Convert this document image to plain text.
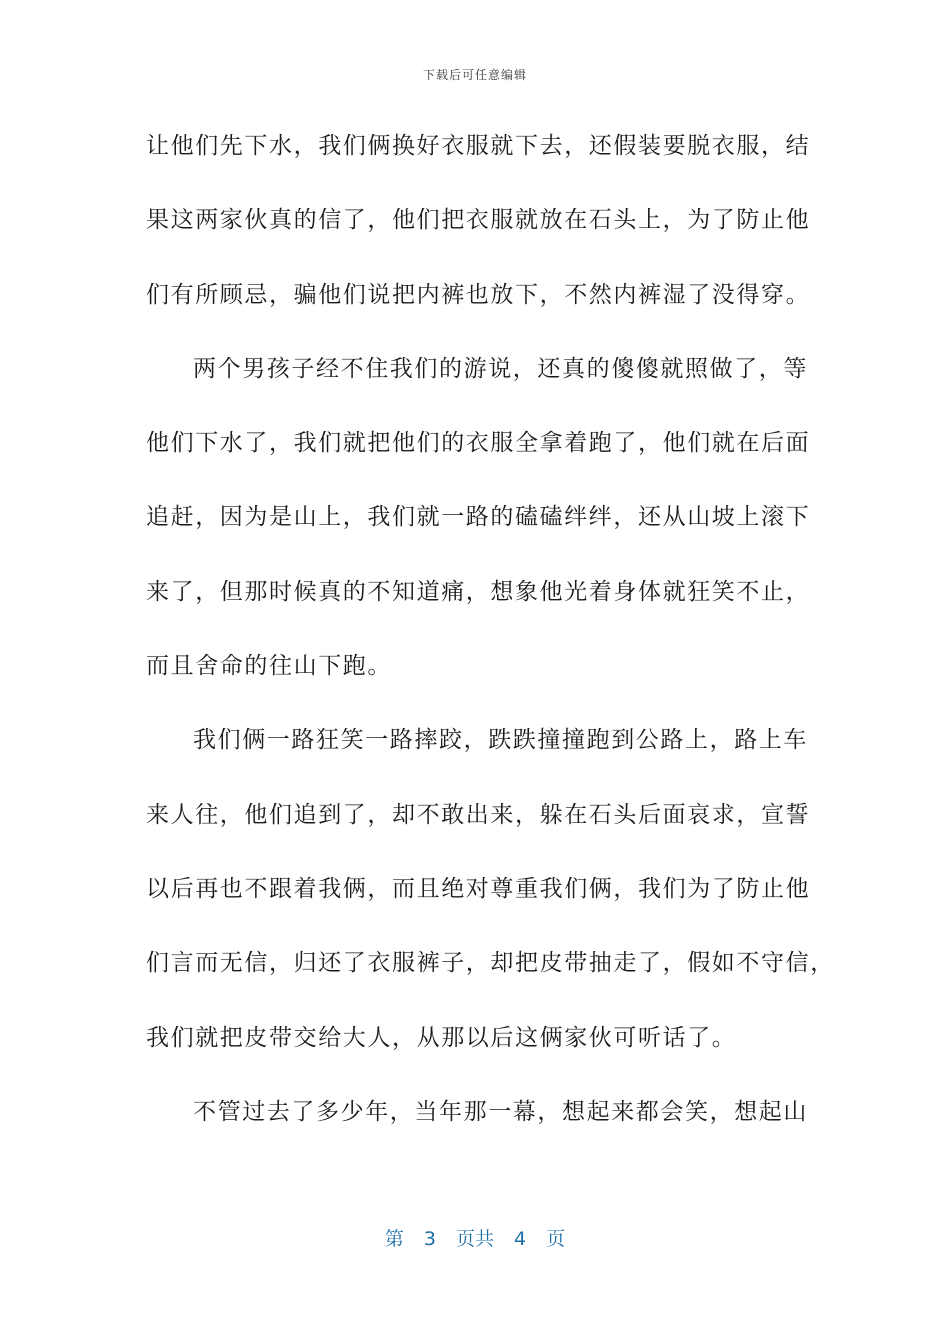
下载后可任意编辑
让他们先下水，我们俩换好衣服就下去，还假装要脱衣服，结
果这两家伙真的信了，他们把衣服就放在石头上，为了防止他
们有所顾忌，骗他们说把内裤也放下，不然内裤湿了没得穿。
两个男孩子经不住我们的游说，还真的傻傻就照做了，等
他们下水了，我们就把他们的衣服全拿着跑了，他们就在后面
追赶，因为是山上，我们就一路的磕磕绊绊，还从山坡上滚下
来了，但那时候真的不知道痛，想象他光着身体就狂笑不止，
而且舍命的往山下跑。
我们俩一路狂笑一路摔跤，跌跌撞撞跑到公路上，路上车
来人往，他们追到了，却不敢出来，躲在石头后面哀求，宣誓
以后再也不跟着我俩，而且绝对尊重我们俩，我们为了防止他
们言而无信，归还了衣服裤子，却把皮带抽走了，假如不守信，
我们就把皮带交给大人，从那以后这俩家伙可听话了。
不管过去了多少年，当年那一幕，想起来都会笑，想起山
第 3 页共 4 页
